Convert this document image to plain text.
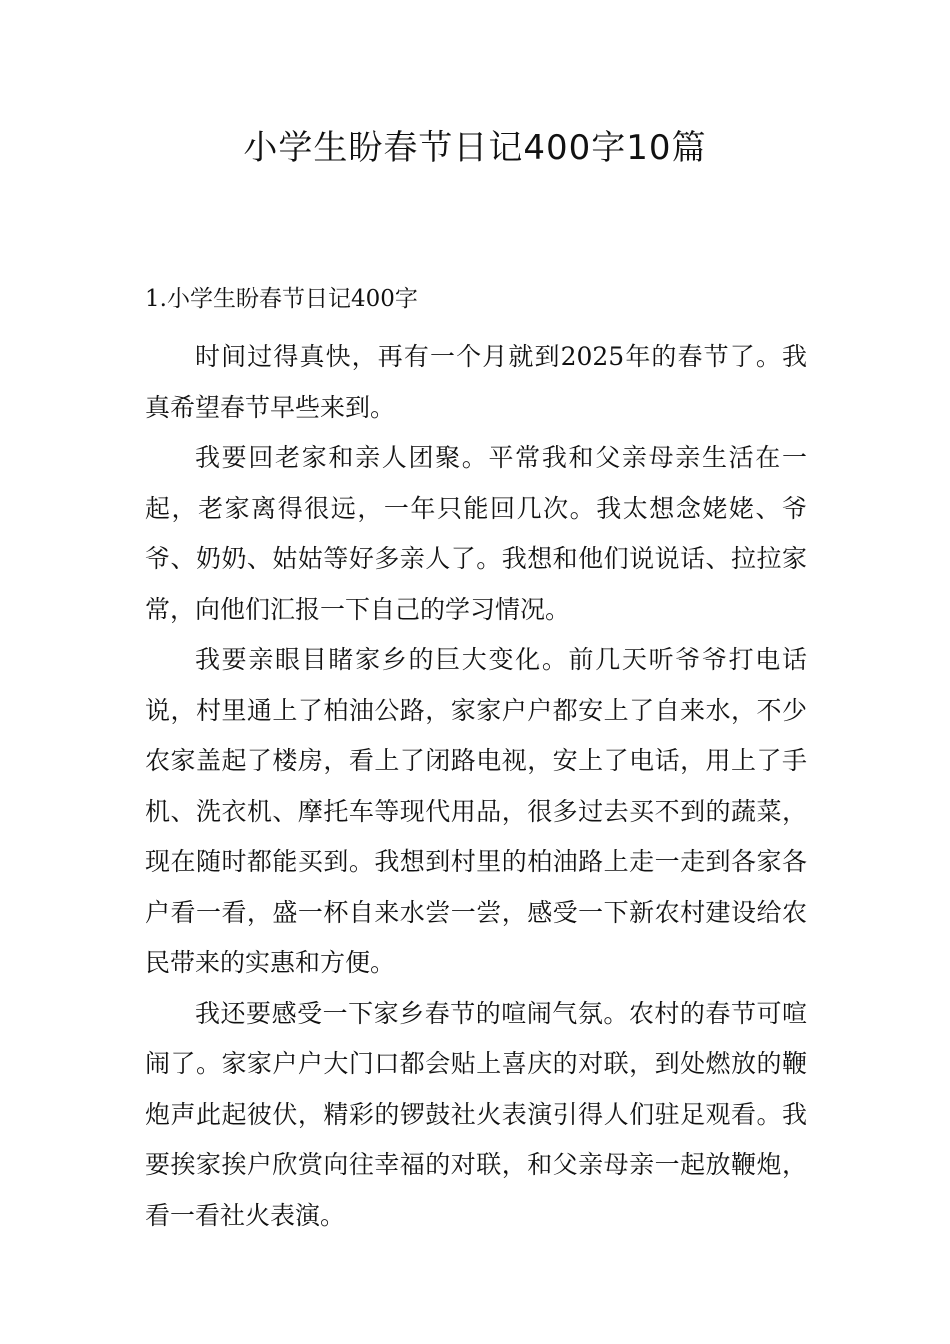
小学生盼春节日记400字10篇
1.小学生盼春节日记400字

时间过得真快，再有一个月就到2025年的春节了。我真希望春节早些来到。

我要回老家和亲人团聚。平常我和父亲母亲生活在一起，老家离得很远，一年只能回几次。我太想念姥姥、爷爷、奶奶、姑姑等好多亲人了。我想和他们说说话、拉拉家常，向他们汇报一下自己的学习情况。

我要亲眼目睹家乡的巨大变化。前几天听爷爷打电话说，村里通上了柏油公路，家家户户都安上了自来水，不少农家盖起了楼房，看上了闭路电视，安上了电话，用上了手机、洗衣机、摩托车等现代用品，很多过去买不到的蔬菜，现在随时都能买到。我想到村里的柏油路上走一走到各家各户看一看，盛一杯自来水尝一尝，感受一下新农村建设给农民带来的实惠和方便。

我还要感受一下家乡春节的喧闹气氛。农村的春节可喧闹了。家家户户大门口都会贴上喜庆的对联，到处燃放的鞭炮声此起彼伏，精彩的锣鼓社火表演引得人们驻足观看。我要挨家挨户欣赏向往幸福的对联，和父亲母亲一起放鞭炮，看一看社火表演。
